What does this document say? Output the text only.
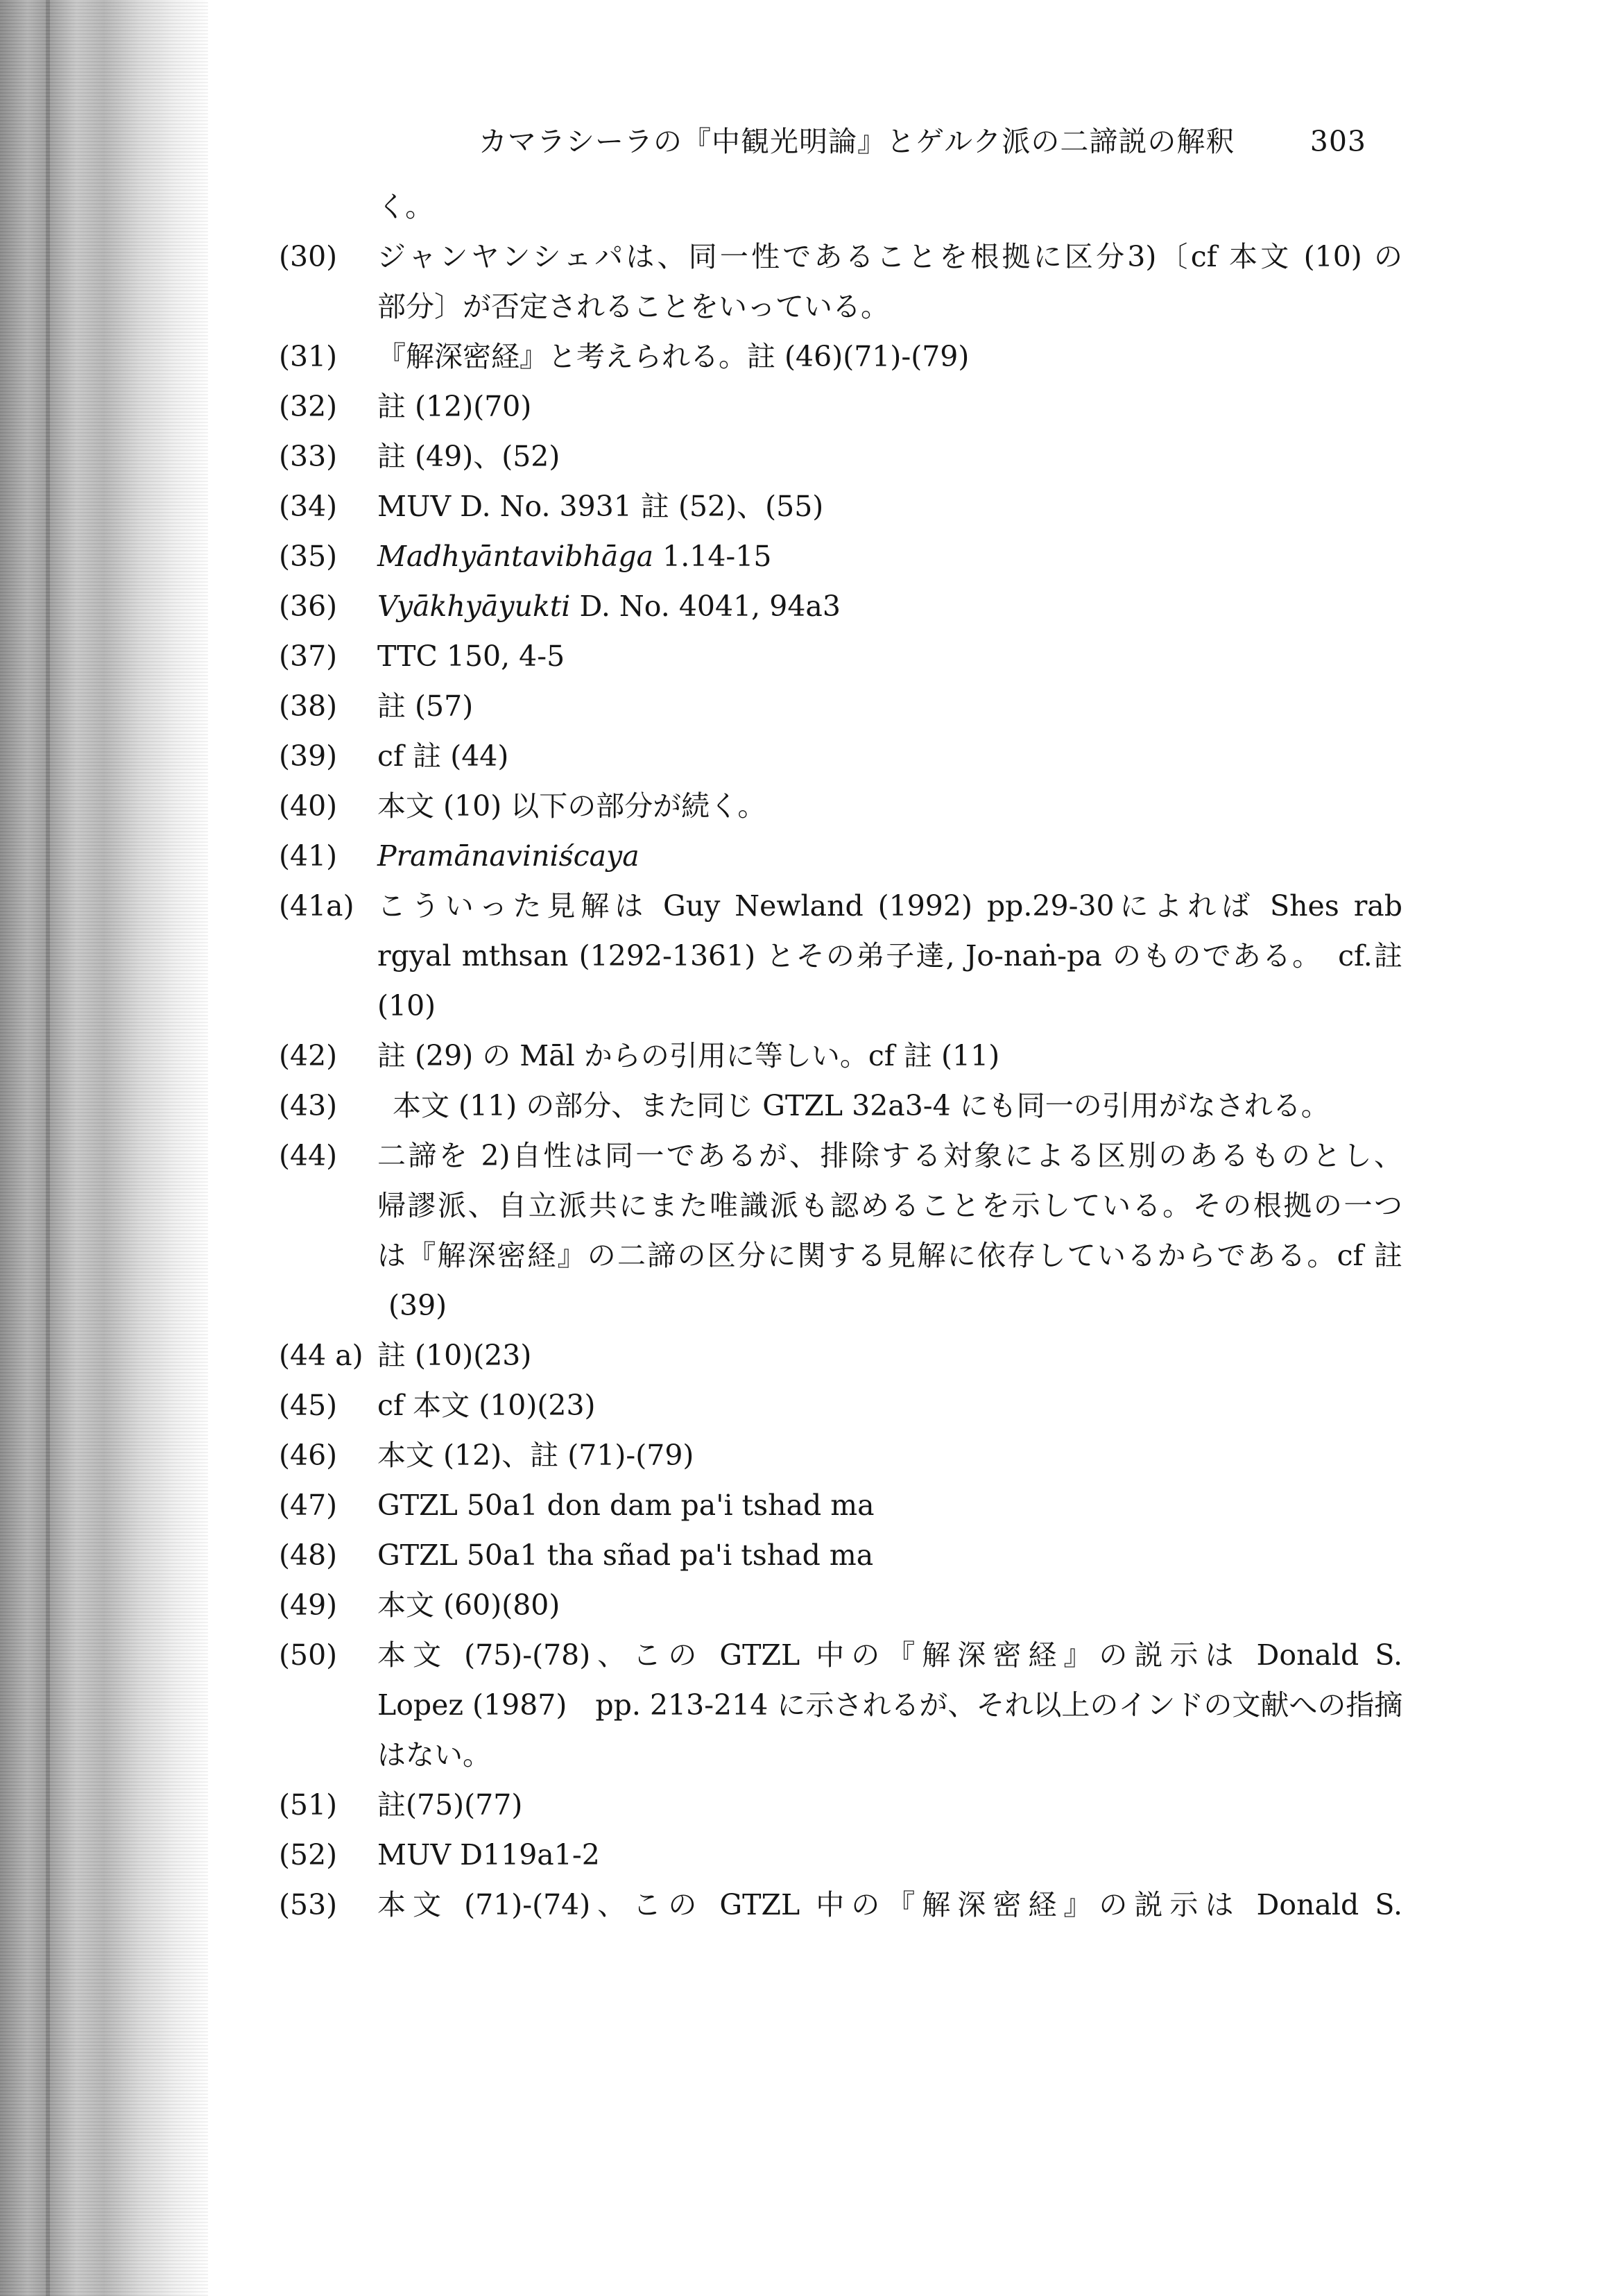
カマラシーラの『中観光明論』とゲルク派の二諦説の解釈	303
く。
(30) ジャンヤンシェパは、同一性であることを根拠に区分3)〔cf 本文 (10) の
部分〕が否定されることをいっている。
(31) 『解深密経』と考えられる。註 (46)(71)-(79)
(32) 註 (12)(70)
(33) 註 (49)、(52)
(34) MUV D. No. 3931 註 (52)、(55)
(35) Madhyāntavibhāga 1.14-15
(36) Vyākhyāyukti D. No. 4041, 94a3
(37) TTC 150, 4-5
(38) 註 (57)
(39) cf 註 (44)
(40) 本文 (10) 以下の部分が続く。
(41) Pramānaviniścaya
(41a) こういった見解は Guy Newland (1992) pp.29-30によれば Shes rab
rgyal mthsan (1292-1361) とその弟子達, Jo-naṅ-pa のものである。　cf.註
(10)
(42) 註 (29) の Māl からの引用に等しい。cf 註 (11)
(43) 本文 (11) の部分、また同じ GTZL 32a3-4 にも同一の引用がなされる。
(44) 二諦を 2)自性は同一であるが、排除する対象による区別のあるものとし、
帰謬派、自立派共にまた唯識派も認めることを示している。その根拠の一つ
は『解深密経』の二諦の区分に関する見解に依存しているからである。cf 註
(39)
(44 a) 註 (10)(23)
(45) cf 本文 (10)(23)
(46) 本文 (12)、註 (71)-(79)
(47) GTZL 50a1 don dam pa'i tshad ma
(48) GTZL 50a1 tha sñad pa'i tshad ma
(49) 本文 (60)(80)
(50) 本文 (75)-(78)、この GTZL 中の『解深密経』の説示は Donald S.
Lopez (1987)　pp. 213-214 に示されるが、それ以上のインドの文献への指摘
はない。
(51) 註(75)(77)
(52) MUV D119a1-2
(53) 本文 (71)-(74)、この GTZL 中の『解深密経』の説示は Donald S.
